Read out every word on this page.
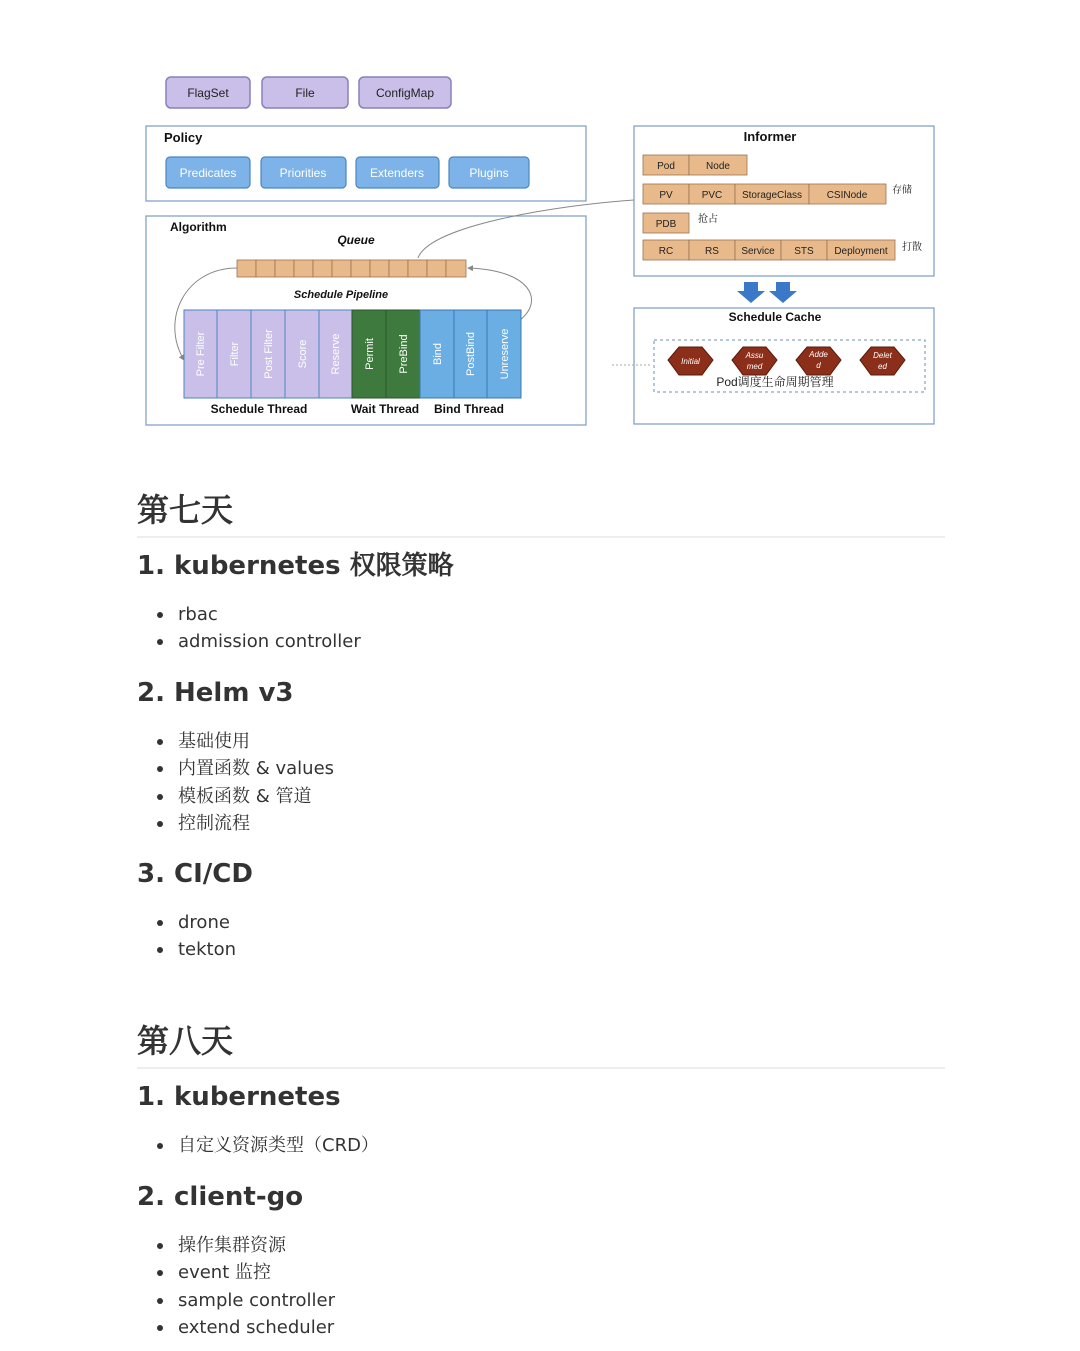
FlagSet	File	ConfigMap
Policy
Predicates	Priorities	Extenders	Plugins
Algorithm
Queue
Schedule Pipeline
Pre Filter Filter Post Filter Score Reserve Permit PreBind Bind PostBind Unreserve
Schedule Thread	Wait Thread Bind Thread
Informer
Pod	Node
PV	PVC StorageClass CSINode 存储
PDB 抢占
RC	RS Service STS Deployment 打散
Schedule Cache
Initial
Assu
med
Adde
d
Delet
ed
Pod调度生命周期管理
第七天
1. kubernetes 权限策略
rbac
admission controller
2. Helm v3
基础使用
内置函数 & values
模板函数 & 管道
控制流程
3. CI/CD
drone
tekton
第八天
1. kubernetes
自定义资源类型（CRD）
2. client-go
操作集群资源
event 监控
sample controller
extend scheduler
